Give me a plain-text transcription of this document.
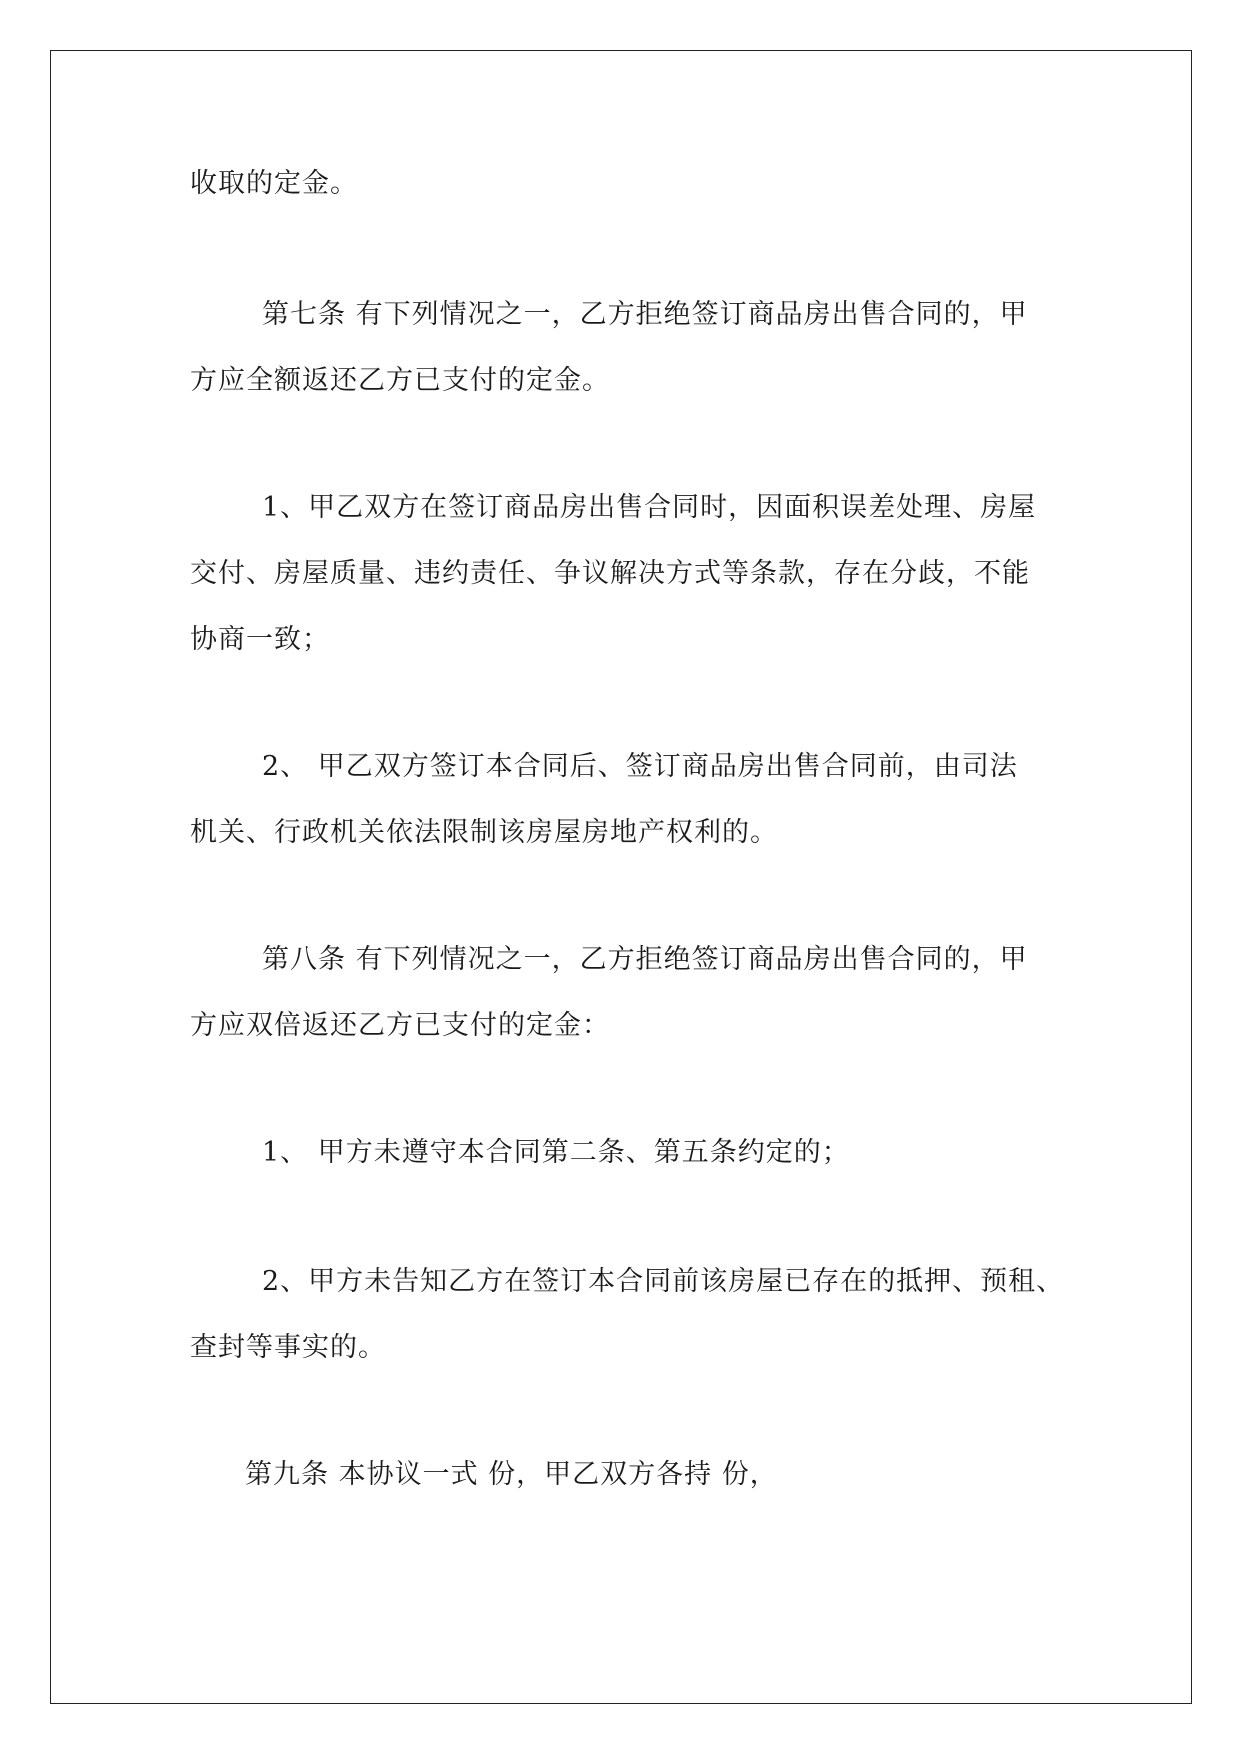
收取的定金。
第七条 有下列情况之一，乙方拒绝签订商品房出售合同的，甲
方应全额返还乙方已支付的定金。
1、甲乙双方在签订商品房出售合同时，因面积误差处理、房屋
交付、房屋质量、违约责任、争议解决方式等条款，存在分歧，不能
协商一致；
2、 甲乙双方签订本合同后、签订商品房出售合同前，由司法
机关、行政机关依法限制该房屋房地产权利的。
第八条 有下列情况之一，乙方拒绝签订商品房出售合同的，甲
方应双倍返还乙方已支付的定金：
1、 甲方未遵守本合同第二条、第五条约定的；
2、甲方未告知乙方在签订本合同前该房屋已存在的抵押、预租、
查封等事实的。
第九条 本协议一式 份，甲乙双方各持 份，
